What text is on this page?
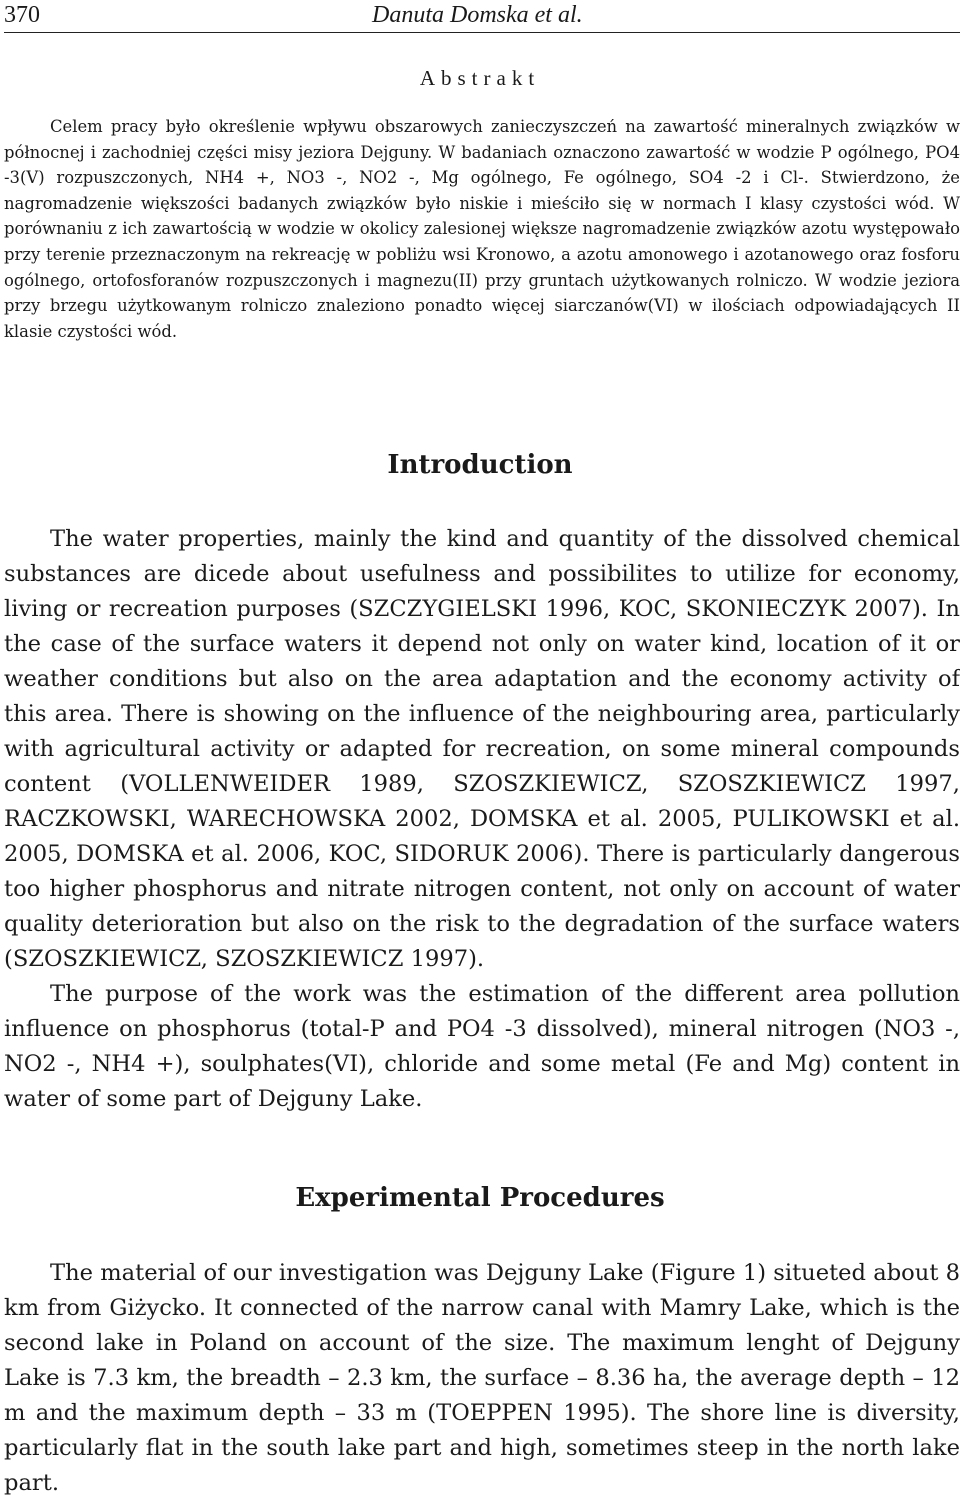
370	Danuta Domska et al.
Abstrakt

Celem pracy było określenie wpływu obszarowych zanieczyszczeń na zawartość mineralnych związków w północnej i zachodniej części misy jeziora Dejguny. W badaniach oznaczono zawartość w wodzie P ogólnego, PO4 -3(V) rozpuszczonych, NH4 +, NO3 -, NO2 -, Mg ogólnego, Fe ogólnego, SO4 -2 i Cl-. Stwierdzono, że nagromadzenie większości badanych związków było niskie i mieściło się w normach I klasy czystości wód. W porównaniu z ich zawartością w wodzie w okolicy zalesionej większe nagromadzenie związków azotu występowało przy terenie przeznaczonym na rekreację w pobliżu wsi Kronowo, a azotu amonowego i azotanowego oraz fosforu ogólnego, ortofosforanów rozpuszczonych i magnezu(II) przy gruntach użytkowanych rolniczo. W wodzie jeziora przy brzegu użytkowanym rolniczo znaleziono ponadto więcej siarczanów(VI) w ilościach odpowiadających II klasie czystości wód.

Introduction

The water properties, mainly the kind and quantity of the dissolved chemical substances are dicede about usefulness and possibilites to utilize for economy, living or recreation purposes (SZCZYGIELSKI 1996, KOC, SKONIECZYK 2007). In the case of the surface waters it depend not only on water kind, location of it or weather conditions but also on the area adaptation and the economy activity of this area. There is showing on the influence of the neighbouring area, particularly with agricultural activity or adapted for recreation, on some mineral compounds content (VOLLENWEIDER 1989, SZOSZKIEWICZ, SZOSZKIEWICZ 1997, RACZKOWSKI, WARECHOWSKA 2002, DOMSKA et al. 2005, PULIKOWSKI et al. 2005, DOMSKA et al. 2006, KOC, SIDORUK 2006). There is particularly dangerous too higher phosphorus and nitrate nitrogen content, not only on account of water quality deterioration but also on the risk to the degradation of the surface waters (SZOSZKIEWICZ, SZOSZKIEWICZ 1997).

The purpose of the work was the estimation of the different area pollution influence on phosphorus (total-P and PO4 -3 dissolved), mineral nitrogen (NO3 -, NO2 -, NH4 +), soulphates(VI), chloride and some metal (Fe and Mg) content in water of some part of Dejguny Lake.

Experimental Procedures

The material of our investigation was Dejguny Lake (Figure 1) situeted about 8 km from Giżycko. It connected of the narrow canal with Mamry Lake, which is the second lake in Poland on account of the size. The maximum lenght of Dejguny Lake is 7.3 km, the breadth – 2.3 km, the surface – 8.36 ha, the average depth – 12 m and the maximum depth – 33 m (TOEPPEN 1995). The shore line is diversity, particularly flat in the south lake part and high, sometimes steep in the north lake part.
